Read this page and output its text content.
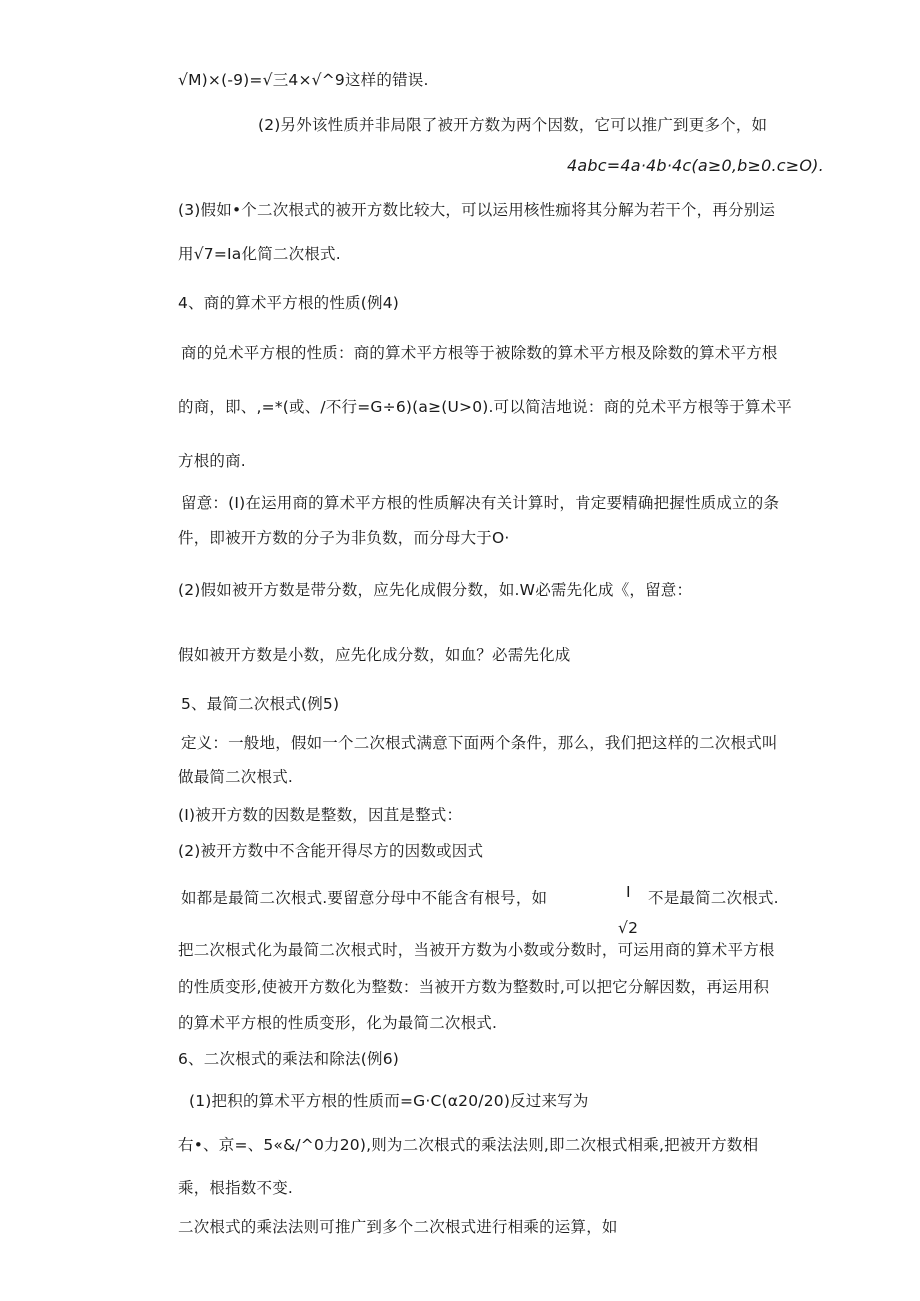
√M)×(-9)=√三4×√^9这样的错误.
(2)另外该性质并非局限了被开方数为两个因数，它可以推广到更多个，如
4abc=4a·4b·4c(a≥0,b≥0.c≥O).
(3)假如•个二次根式的被开方数比较大，可以运用核性痂将其分解为若干个，再分别运
用√7=Ia化简二次根式.
4、商的算术平方根的性质(例4)
商的兑术平方根的性质：商的算术平方根等于被除数的算术平方根及除数的算术平方根
的商，即、,=*(或、/不行=G÷6)(a≥(U>0).可以简洁地说：商的兑术平方根等于算术平
方根的商.
留意：(I)在运用商的算术平方根的性质解决有关计算时，肯定要精确把握性质成立的条
件，即被开方数的分子为非负数，而分母大于O·
(2)假如被开方数是带分数，应先化成假分数，如.W必需先化成《，留意：
假如被开方数是小数，应先化成分数，如血？必需先化成
5、最简二次根式(例5)
定义：一般地，假如一个二次根式满意下面两个条件，那么，我们把这样的二次根式叫
做最简二次根式.
(I)被开方数的因数是整数，因苴是整式：
(2)被开方数中不含能开得尽方的因数或因式
如都是最简二次根式.要留意分母中不能含有根号，如	I 不是最简二次根式.
√2
把二次根式化为最简二次根式时，当被开方数为小数或分数时，可运用商的算术平方根
的性质变形,使被开方数化为整数：当被开方数为整数时,可以把它分解因数，再运用积
的算术平方根的性质变形，化为最简二次根式.
6、二次根式的乘法和除法(例6)
(1)把积的算术平方根的性质而=G·C(α20∕20)反过来写为
右•、京=、5«&/^0力20),则为二次根式的乘法法则,即二次根式相乘,把被开方数相
乘，根指数不变.
二次根式的乘法法则可推广到多个二次根式进行相乘的运算，如
